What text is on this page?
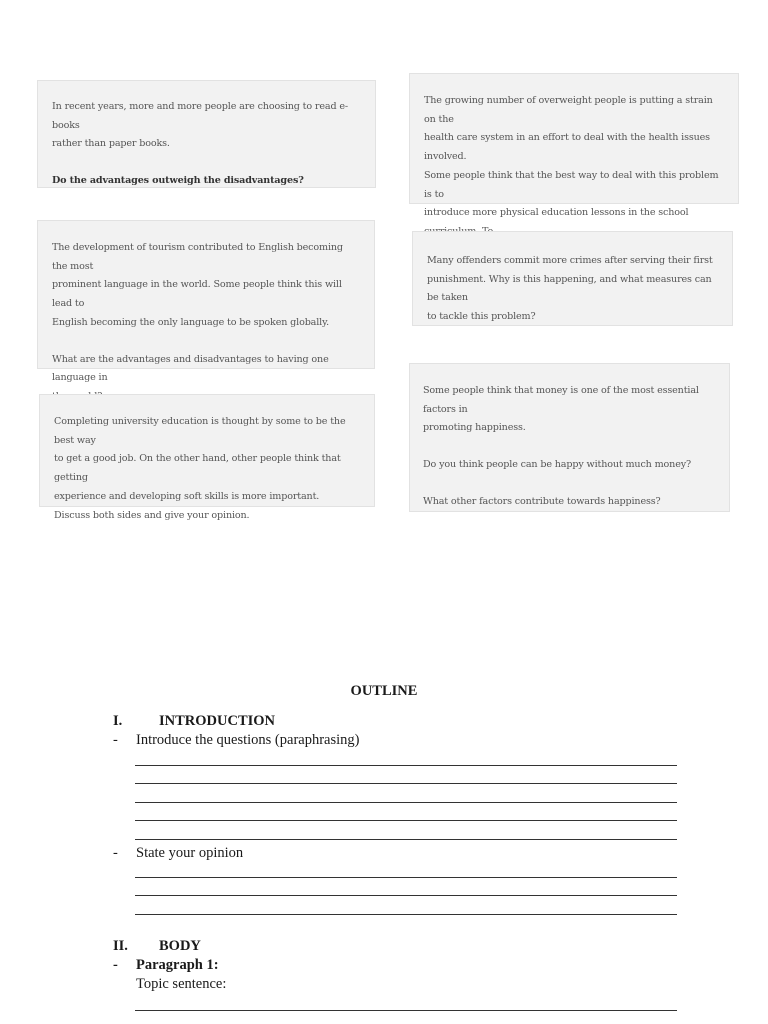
In recent years, more and more people are choosing to read e-books
rather than paper books.

Do the advantages outweigh the disadvantages?

The growing number of overweight people is putting a strain on the
health care system in an effort to deal with the health issues involved.
Some people think that the best way to deal with this problem is to
introduce more physical education lessons in the school

The development of tourism contributed to English becoming the most
prominent language in the world. Some people think this will lead to
English becoming the only language to be spoken globally.

What are the advantages and disadvantages to having one language in

Many offenders commit more crimes after serving their first
punishment. Why is this happening, and what measures can be taken
to tackle this problem?

Completing university education is thought by some to be the best way
to get a good job. On the other hand, other people think that getting
experience and developing soft skills is more important.
Discuss both sides and give your opinion.

Some people think that money is one of the most essential factors in
promoting happiness.

Do you think people can be happy without much money?

What other factors contribute towards happiness?

OUTLINE
I.	INTRODUCTION
- Introduce the questions (paraphrasing)
- State your opinion
II. BODY
- Paragraph 1:
Topic sentence:
